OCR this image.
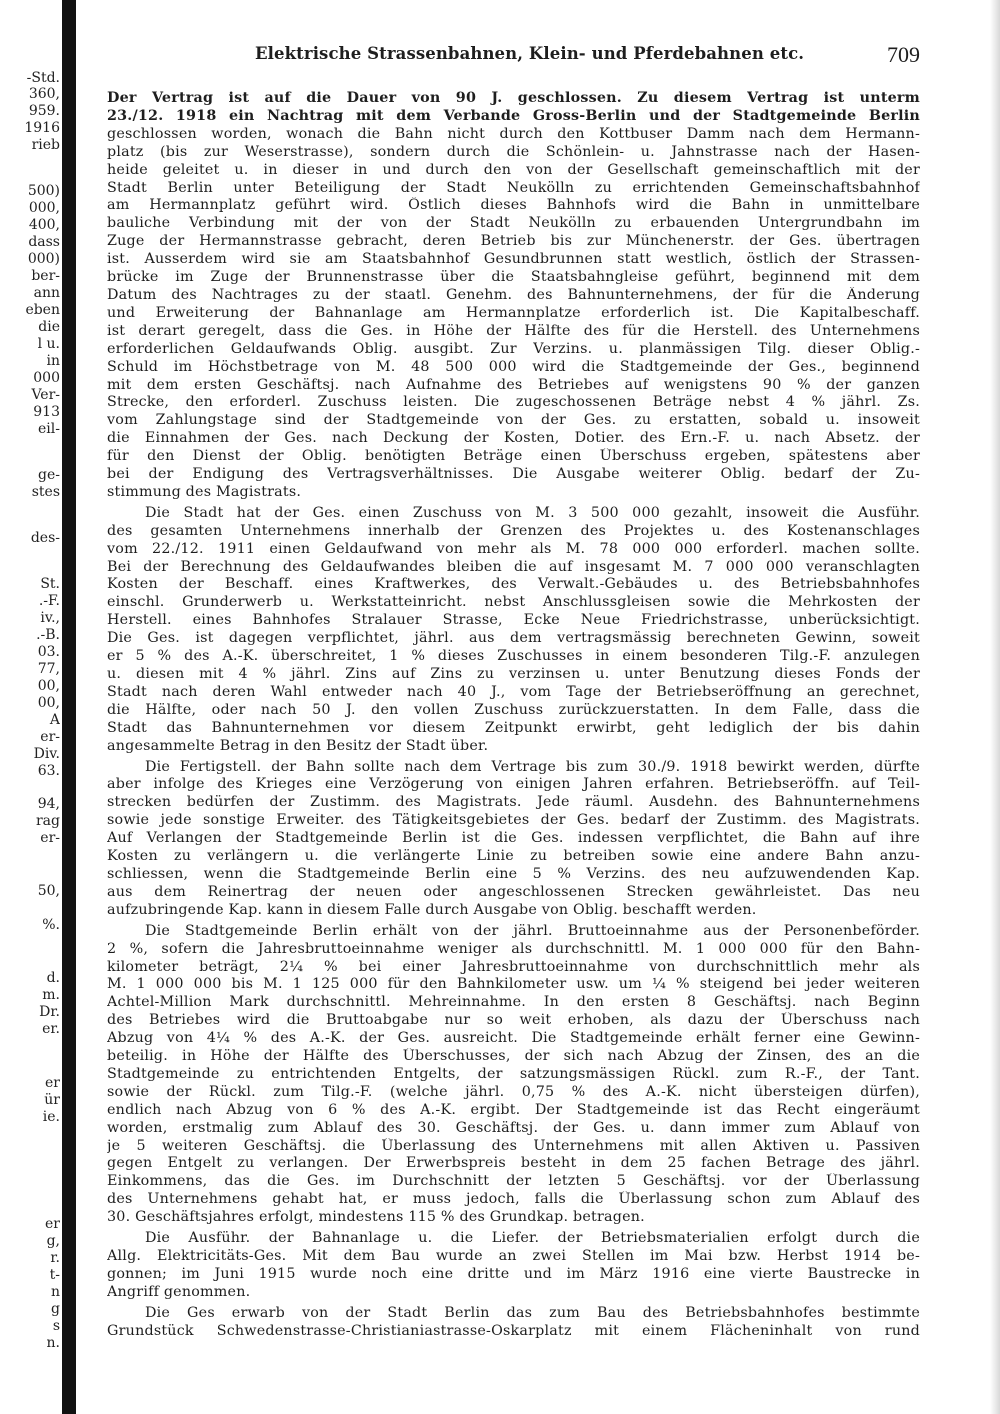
-Std.
360,
959.
1916
rieb
500)
000,
400,
dass
000)
ber-
ann
eben
die
l u.
in
000
Ver-
913
eil-
ge-
stes
des-
St.
.-F.
iv.,
.-B.
03.
77,
00,
00,
A
er-
Div.
63.
94,
rag
er-
50,
%.
d.
m.
Dr.
er.
er
ür
ie.
er
g,
r.
t-
n
g
s
n.
Elektrische Strassenbahnen, Klein- und Pferdebahnen etc.	709

Der Vertrag ist auf die Dauer von 90 J. geschlossen. Zu diesem Vertrag ist unterm

23./12. 1918 ein Nachtrag mit dem Verbande Gross-Berlin und der Stadtgemeinde Berlin

geschlossen worden, wonach die Bahn nicht durch den Kottbuser Damm nach dem Hermann-

platz (bis zur Weserstrasse), sondern durch die Schönlein- u. Jahnstrasse nach der Hasen-

heide geleitet u. in dieser in und durch den von der Gesellschaft gemeinschaftlich mit der

Stadt Berlin unter Beteiligung der Stadt Neukölln zu errichtenden Gemeinschaftsbahnhof

am Hermannplatz geführt wird. Östlich dieses Bahnhofs wird die Bahn in unmittelbare

bauliche Verbindung mit der von der Stadt Neukölln zu erbauenden Untergrundbahn im

Zuge der Hermannstrasse gebracht, deren Betrieb bis zur Münchenerstr. der Ges. übertragen

ist. Ausserdem wird sie am Staatsbahnhof Gesundbrunnen statt westlich, östlich der Strassen-

brücke im Zuge der Brunnenstrasse über die Staatsbahngleise geführt, beginnend mit dem

Datum des Nachtrages zu der staatl. Genehm. des Bahnunternehmens, der für die Änderung

und Erweiterung der Bahnanlage am Hermannplatze erforderlich ist. Die Kapitalbeschaff.

ist derart geregelt, dass die Ges. in Höhe der Hälfte des für die Herstell. des Unternehmens

erforderlichen Geldaufwands Oblig. ausgibt. Zur Verzins. u. planmässigen Tilg. dieser Oblig.-

Schuld im Höchstbetrage von M. 48 500 000 wird die Stadtgemeinde der Ges., beginnend

mit dem ersten Geschäftsj. nach Aufnahme des Betriebes auf wenigstens 90 % der ganzen

Strecke, den erforderl. Zuschuss leisten. Die zugeschossenen Beträge nebst 4 % jährl. Zs.

vom Zahlungstage sind der Stadtgemeinde von der Ges. zu erstatten, sobald u. insoweit

die Einnahmen der Ges. nach Deckung der Kosten, Dotier. des Ern.-F. u. nach Absetz. der

für den Dienst der Oblig. benötigten Beträge einen Überschuss ergeben, spätestens aber

bei der Endigung des Vertragsverhältnisses. Die Ausgabe weiterer Oblig. bedarf der Zu-

stimmung des Magistrats.

Die Stadt hat der Ges. einen Zuschuss von M. 3 500 000 gezahlt, insoweit die Ausführ.

des gesamten Unternehmens innerhalb der Grenzen des Projektes u. des Kostenanschlages

vom 22./12. 1911 einen Geldaufwand von mehr als M. 78 000 000 erforderl. machen sollte.

Bei der Berechnung des Geldaufwandes bleiben die auf insgesamt M. 7 000 000 veranschlagten

Kosten der Beschaff. eines Kraftwerkes, des Verwalt.-Gebäudes u. des Betriebsbahnhofes

einschl. Grunderwerb u. Werkstatteinricht. nebst Anschlussgleisen sowie die Mehrkosten der

Herstell. eines Bahnhofes Stralauer Strasse, Ecke Neue Friedrichstrasse, unberücksichtigt.

Die Ges. ist dagegen verpflichtet, jährl. aus dem vertragsmässig berechneten Gewinn, soweit

er 5 % des A.-K. überschreitet, 1 % dieses Zuschusses in einem besonderen Tilg.-F. anzulegen

u. diesen mit 4 % jährl. Zins auf Zins zu verzinsen u. unter Benutzung dieses Fonds der

Stadt nach deren Wahl entweder nach 40 J., vom Tage der Betriebseröffnung an gerechnet,

die Hälfte, oder nach 50 J. den vollen Zuschuss zurückzuerstatten. In dem Falle, dass die

Stadt das Bahnunternehmen vor diesem Zeitpunkt erwirbt, geht lediglich der bis dahin

angesammelte Betrag in den Besitz der Stadt über.

Die Fertigstell. der Bahn sollte nach dem Vertrage bis zum 30./9. 1918 bewirkt werden, dürfte

aber infolge des Krieges eine Verzögerung von einigen Jahren erfahren. Betriebseröffn. auf Teil-

strecken bedürfen der Zustimm. des Magistrats. Jede räuml. Ausdehn. des Bahnunternehmens

sowie jede sonstige Erweiter. des Tätigkeitsgebietes der Ges. bedarf der Zustimm. des Magistrats.

Auf Verlangen der Stadtgemeinde Berlin ist die Ges. indessen verpflichtet, die Bahn auf ihre

Kosten zu verlängern u. die verlängerte Linie zu betreiben sowie eine andere Bahn anzu-

schliessen, wenn die Stadtgemeinde Berlin eine 5 % Verzins. des neu aufzuwendenden Kap.

aus dem Reinertrag der neuen oder angeschlossenen Strecken gewährleistet. Das neu

aufzubringende Kap. kann in diesem Falle durch Ausgabe von Oblig. beschafft werden.

Die Stadtgemeinde Berlin erhält von der jährl. Bruttoeinnahme aus der Personenbeförder.

2 %, sofern die Jahresbruttoeinnahme weniger als durchschnittl. M. 1 000 000 für den Bahn-

kilometer beträgt, 2¼ % bei einer Jahresbruttoeinnahme von durchschnittlich mehr als

M. 1 000 000 bis M. 1 125 000 für den Bahnkilometer usw. um ¼ % steigend bei jeder weiteren

Achtel-Million Mark durchschnittl. Mehreinnahme. In den ersten 8 Geschäftsj. nach Beginn

des Betriebes wird die Bruttoabgabe nur so weit erhoben, als dazu der Überschuss nach

Abzug von 4¼ % des A.-K. der Ges. ausreicht. Die Stadtgemeinde erhält ferner eine Gewinn-

beteilig. in Höhe der Hälfte des Überschusses, der sich nach Abzug der Zinsen, des an die

Stadtgemeinde zu entrichtenden Entgelts, der satzungsmässigen Rückl. zum R.-F., der Tant.

sowie der Rückl. zum Tilg.-F. (welche jährl. 0,75 % des A.-K. nicht übersteigen dürfen),

endlich nach Abzug von 6 % des A.-K. ergibt. Der Stadtgemeinde ist das Recht eingeräumt

worden, erstmalig zum Ablauf des 30. Geschäftsj. der Ges. u. dann immer zum Ablauf von

je 5 weiteren Geschäftsj. die Überlassung des Unternehmens mit allen Aktiven u. Passiven

gegen Entgelt zu verlangen. Der Erwerbspreis besteht in dem 25 fachen Betrage des jährl.

Einkommens, das die Ges. im Durchschnitt der letzten 5 Geschäftsj. vor der Überlassung

des Unternehmens gehabt hat, er muss jedoch, falls die Überlassung schon zum Ablauf des

30. Geschäftsjahres erfolgt, mindestens 115 % des Grundkap. betragen.

Die Ausführ. der Bahnanlage u. die Liefer. der Betriebsmaterialien erfolgt durch die

Allg. Elektricitäts-Ges. Mit dem Bau wurde an zwei Stellen im Mai bzw. Herbst 1914 be-

gonnen; im Juni 1915 wurde noch eine dritte und im März 1916 eine vierte Baustrecke in

Angriff genommen.

Die Ges erwarb von der Stadt Berlin das zum Bau des Betriebsbahnhofes bestimmte

Grundstück Schwedenstrasse-Christianiastrasse-Oskarplatz mit einem Flächeninhalt von rund
